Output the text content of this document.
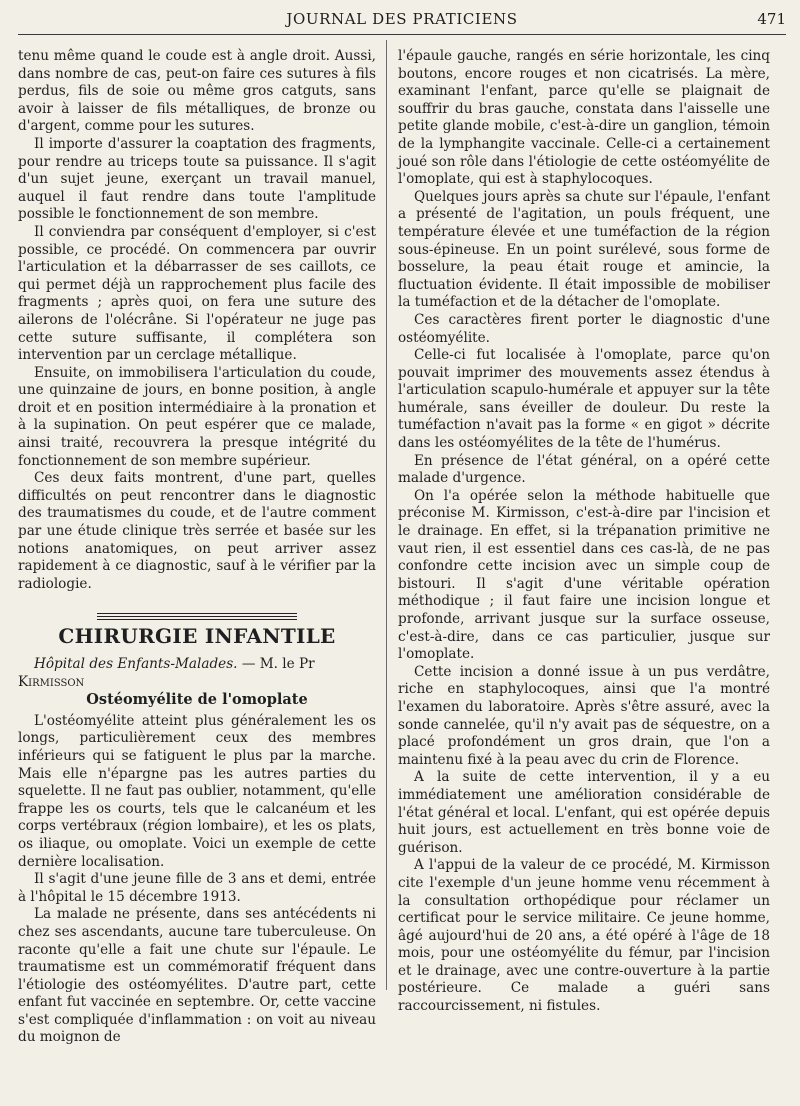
JOURNAL DES PRATICIENS	471

tenu même quand le coude est à angle droit. Aussi, dans nombre de cas, peut-on faire ces sutures à fils perdus, fils de soie ou même gros catguts, sans avoir à laisser de fils métalliques, de bronze ou d'argent, comme pour les sutures.

Il importe d'assurer la coaptation des fragments, pour rendre au triceps toute sa puissance. Il s'agit d'un sujet jeune, exerçant un travail manuel, auquel il faut rendre dans toute l'amplitude possible le fonctionnement de son membre.

Il conviendra par conséquent d'employer, si c'est possible, ce procédé. On commencera par ouvrir l'articulation et la débarrasser de ses caillots, ce qui permet déjà un rapprochement plus facile des fragments ; après quoi, on fera une suture des ailerons de l'olécrâne. Si l'opérateur ne juge pas cette suture suffisante, il complétera son intervention par un cerclage métallique.

Ensuite, on immobilisera l'articulation du coude, une quinzaine de jours, en bonne position, à angle droit et en position intermédiaire à la pronation et à la supination. On peut espérer que ce malade, ainsi traité, recouvrera la presque intégrité du fonctionnement de son membre supérieur.

Ces deux faits montrent, d'une part, quelles difficultés on peut rencontrer dans le diagnostic des traumatismes du coude, et de l'autre comment par une étude clinique très serrée et basée sur les notions anatomiques, on peut arriver assez rapidement à ce diagnostic, sauf à le vérifier par la radiologie.

CHIRURGIE INFANTILE

Hôpital des Enfants-Malades. — M. le Pr Kirmisson

Ostéomyélite de l'omoplate

L'ostéomyélite atteint plus généralement les os longs, particulièrement ceux des membres inférieurs qui se fatiguent le plus par la marche. Mais elle n'épargne pas les autres parties du squelette. Il ne faut pas oublier, notamment, qu'elle frappe les os courts, tels que le calcanéum et les corps vertébraux (région lombaire), et les os plats, os iliaque, ou omoplate. Voici un exemple de cette dernière localisation.

Il s'agit d'une jeune fille de 3 ans et demi, entrée à l'hôpital le 15 décembre 1913.

La malade ne présente, dans ses antécédents ni chez ses ascendants, aucune tare tuberculeuse. On raconte qu'elle a fait une chute sur l'épaule. Le traumatisme est un commémoratif fréquent dans l'étiologie des ostéomyélites. D'autre part, cette enfant fut vaccinée en septembre. Or, cette vaccine s'est compliquée d'inflammation : on voit au niveau du moignon de

l'épaule gauche, rangés en série horizontale, les cinq boutons, encore rouges et non cicatrisés. La mère, examinant l'enfant, parce qu'elle se plaignait de souffrir du bras gauche, constata dans l'aisselle une petite glande mobile, c'est-à-dire un ganglion, témoin de la lymphangite vaccinale. Celle-ci a certainement joué son rôle dans l'étiologie de cette ostéomyélite de l'omoplate, qui est à staphylocoques.

Quelques jours après sa chute sur l'épaule, l'enfant a présenté de l'agitation, un pouls fréquent, une température élevée et une tuméfaction de la région sous-épineuse. En un point surélevé, sous forme de bosselure, la peau était rouge et amincie, la fluctuation évidente. Il était impossible de mobiliser la tuméfaction et de la détacher de l'omoplate.

Ces caractères firent porter le diagnostic d'une ostéomyélite.

Celle-ci fut localisée à l'omoplate, parce qu'on pouvait imprimer des mouvements assez étendus à l'articulation scapulo-humérale et appuyer sur la tête humérale, sans éveiller de douleur. Du reste la tuméfaction n'avait pas la forme « en gigot » décrite dans les ostéomyélites de la tête de l'humérus.

En présence de l'état général, on a opéré cette malade d'urgence.

On l'a opérée selon la méthode habituelle que préconise M. Kirmisson, c'est-à-dire par l'incision et le drainage. En effet, si la trépanation primitive ne vaut rien, il est essentiel dans ces cas-là, de ne pas confondre cette incision avec un simple coup de bistouri. Il s'agit d'une véritable opération méthodique ; il faut faire une incision longue et profonde, arrivant jusque sur la surface osseuse, c'est-à-dire, dans ce cas particulier, jusque sur l'omoplate.

Cette incision a donné issue à un pus verdâtre, riche en staphylocoques, ainsi que l'a montré l'examen du laboratoire. Après s'être assuré, avec la sonde cannelée, qu'il n'y avait pas de séquestre, on a placé profondément un gros drain, que l'on a maintenu fixé à la peau avec du crin de Florence.

A la suite de cette intervention, il y a eu immédiatement une amélioration considérable de l'état général et local. L'enfant, qui est opérée depuis huit jours, est actuellement en très bonne voie de guérison.

A l'appui de la valeur de ce procédé, M. Kirmisson cite l'exemple d'un jeune homme venu récemment à la consultation orthopédique pour réclamer un certificat pour le service militaire. Ce jeune homme, âgé aujourd'hui de 20 ans, a été opéré à l'âge de 18 mois, pour une ostéomyélite du fémur, par l'incision et le drainage, avec une contre-ouverture à la partie postérieure. Ce malade a guéri sans raccourcissement, ni fistules.
